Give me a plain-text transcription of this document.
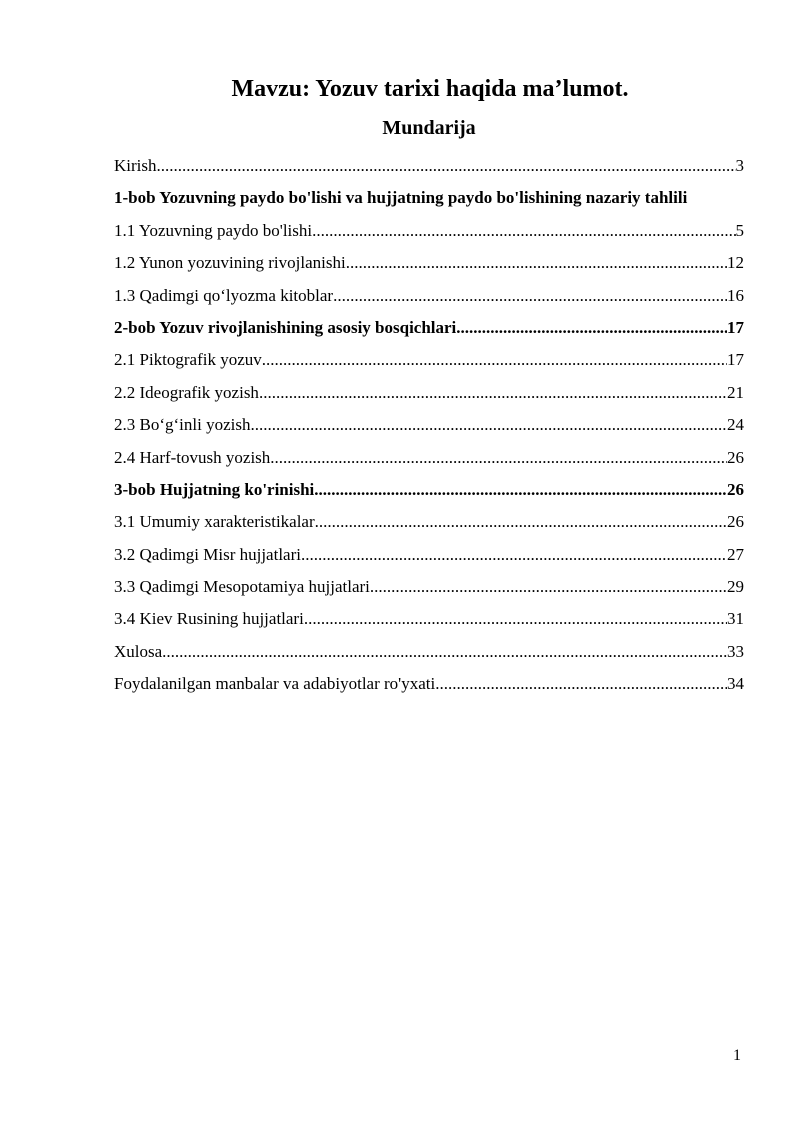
Mavzu: Yozuv tarixi haqida ma’lumot.
Mundarija
Kirish .....	3
1-bob Yozuvning paydo bo'lishi va hujjatning paydo bo'lishining nazariy tahlili
1.1 Yozuvning paydo bo'lishi .....	5
1.2 Yunon yozuvining rivojlanishi .....	12
1.3 Qadimgi qo‘lyozma kitoblar .....	16
2-bob Yozuv rivojlanishining asosiy bosqichlari .....	17
2.1 Piktografik yozuv .....	17
2.2 Ideografik yozish .....	21
2.3 Bo‘g‘inli yozish .....	24
2.4 Harf-tovush yozish .....	26
3-bob Hujjatning ko'rinishi .....	26
3.1 Umumiy xarakteristikalar .....	26
3.2 Qadimgi Misr hujjatlari .....	27
3.3 Qadimgi Mesopotamiya hujjatlari .....	29
3.4 Kiev Rusining hujjatlari .....	31
Xulosa .....	33
Foydalanilgan manbalar va adabiyotlar ro'yxati .....	34
1
